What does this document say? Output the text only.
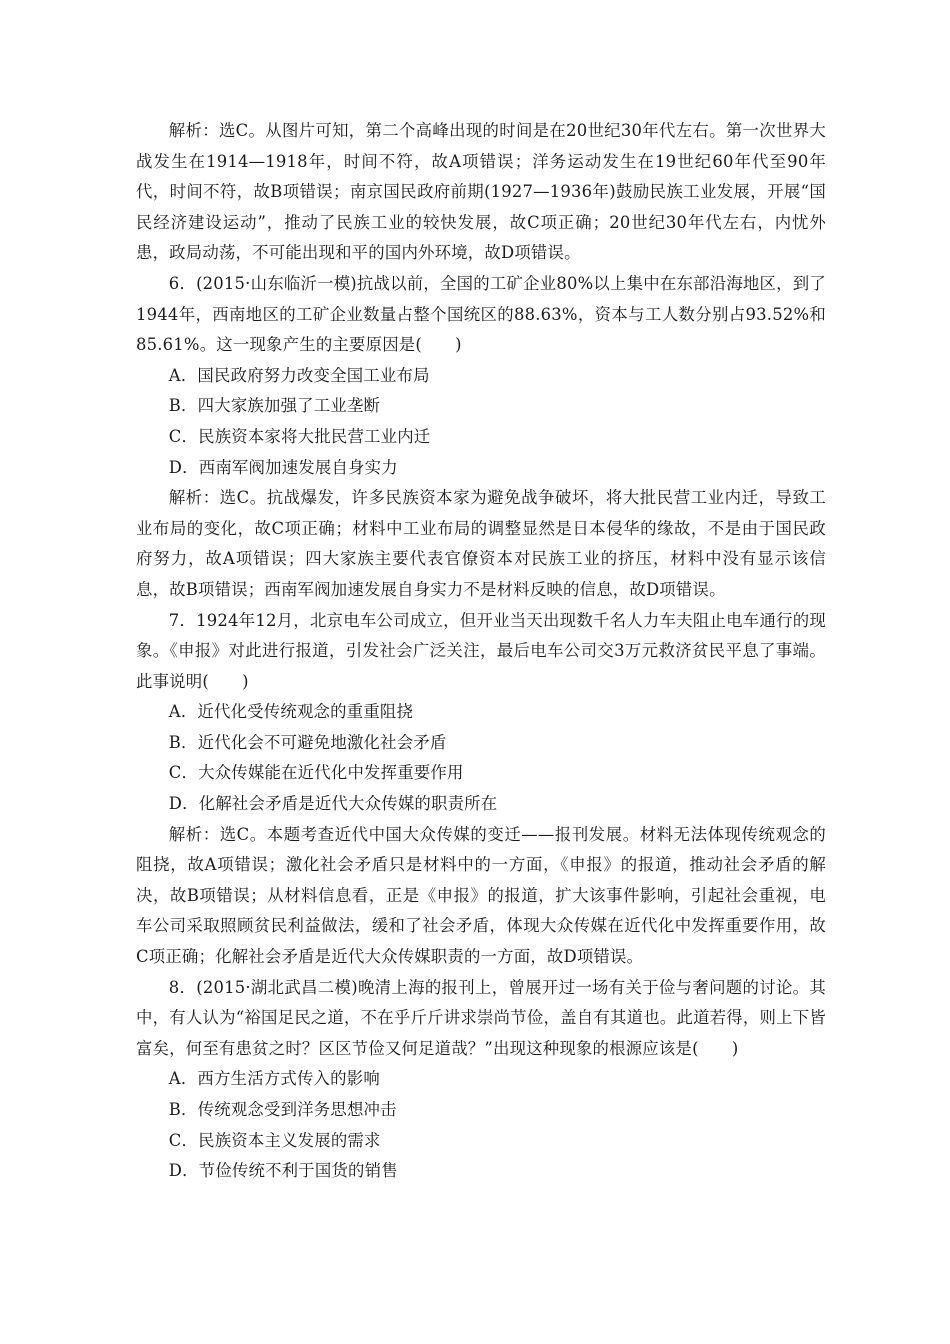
解析：选C。从图片可知，第二个高峰出现的时间是在20世纪30年代左右。第一次世界大战发生在1914—1918年，时间不符，故A项错误；洋务运动发生在19世纪60年代至90年代，时间不符，故B项错误；南京国民政府前期(1927—1936年)鼓励民族工业发展，开展“国民经济建设运动”，推动了民族工业的较快发展，故C项正确；20世纪30年代左右，内忧外患，政局动荡，不可能出现和平的国内外环境，故D项错误。

6．(2015·山东临沂一模)抗战以前，全国的工矿企业80%以上集中在东部沿海地区，到了1944年，西南地区的工矿企业数量占整个国统区的88.63%，资本与工人数分别占93.52%和85.61%。这一现象产生的主要原因是(　　)

A．国民政府努力改变全国工业布局

B．四大家族加强了工业垄断

C．民族资本家将大批民营工业内迁

D．西南军阀加速发展自身实力

解析：选C。抗战爆发，许多民族资本家为避免战争破坏，将大批民营工业内迁，导致工业布局的变化，故C项正确；材料中工业布局的调整显然是日本侵华的缘故，不是由于国民政府努力，故A项错误；四大家族主要代表官僚资本对民族工业的挤压，材料中没有显示该信息，故B项错误；西南军阀加速发展自身实力不是材料反映的信息，故D项错误。

7．1924年12月，北京电车公司成立，但开业当天出现数千名人力车夫阻止电车通行的现象。《申报》对此进行报道，引发社会广泛关注，最后电车公司交3万元救济贫民平息了事端。此事说明(　　)

A．近代化受传统观念的重重阻挠

B．近代化会不可避免地激化社会矛盾

C．大众传媒能在近代化中发挥重要作用

D．化解社会矛盾是近代大众传媒的职责所在

解析：选C。本题考查近代中国大众传媒的变迁——报刊发展。材料无法体现传统观念的阻挠，故A项错误；激化社会矛盾只是材料中的一方面，《申报》的报道，推动社会矛盾的解决，故B项错误；从材料信息看，正是《申报》的报道，扩大该事件影响，引起社会重视，电车公司采取照顾贫民利益做法，缓和了社会矛盾，体现大众传媒在近代化中发挥重要作用，故C项正确；化解社会矛盾是近代大众传媒职责的一方面，故D项错误。

8．(2015·湖北武昌二模)晚清上海的报刊上，曾展开过一场有关于俭与奢问题的讨论。其中，有人认为“裕国足民之道，不在乎斤斤讲求崇尚节俭，盖自有其道也。此道若得，则上下皆富矣，何至有患贫之时？区区节俭又何足道哉？”出现这种现象的根源应该是(　　)

A．西方生活方式传入的影响

B．传统观念受到洋务思想冲击

C．民族资本主义发展的需求

D．节俭传统不利于国货的销售
